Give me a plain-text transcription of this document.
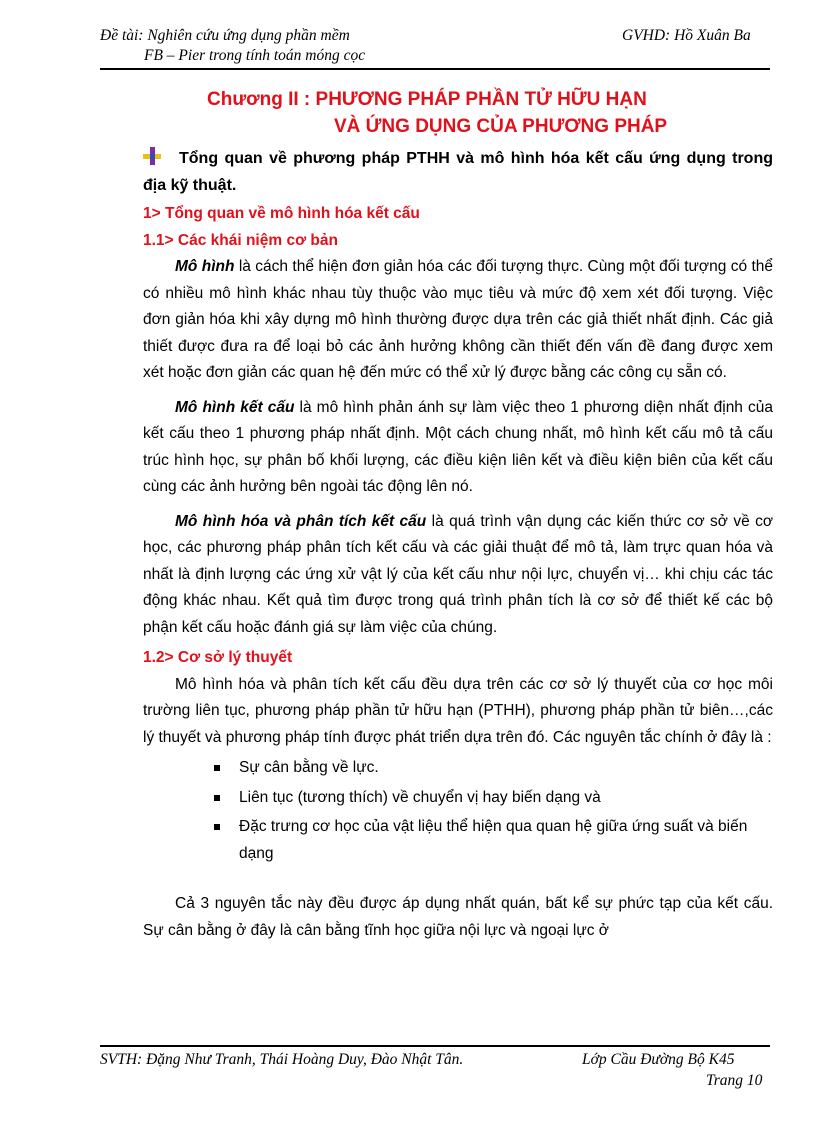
Đề tài: Nghiên cứu ứng dụng phần mềm
FB – Pier trong tính toán móng cọc
GVHD: Hồ Xuân Ba
Chương II : PHƯƠNG PHÁP PHẦN TỬ HỮU HẠN
VÀ ỨNG DỤNG CỦA PHƯƠNG PHÁP

Tổng quan về phương pháp PTHH và mô hình hóa kết cấu ứng dụng trong địa kỹ thuật.

1> Tổng quan về mô hình hóa kết cấu

1.1> Các khái niệm cơ bản

Mô hình là cách thể hiện đơn giản hóa các đối tượng thực. Cùng một đối tượng có thể có nhiều mô hình khác nhau tùy thuộc vào mục tiêu và mức độ xem xét đối tượng. Việc đơn giản hóa khi xây dựng mô hình thường được dựa trên các giả thiết nhất định. Các giả thiết được đưa ra để loại bỏ các ảnh hưởng không cần thiết đến vấn đề đang được xem xét hoặc đơn giản các quan hệ đến mức có thể xử lý được bằng các công cụ sẵn có.

Mô hình kết cấu là mô hình phản ánh sự làm việc theo 1 phương diện nhất định của kết cấu theo 1 phương pháp nhất định. Một cách chung nhất, mô hình kết cấu mô tả cấu trúc hình học, sự phân bố khối lượng, các điều kiện liên kết và điều kiện biên của kết cấu cùng các ảnh hưởng bên ngoài tác động lên nó.

Mô hình hóa và phân tích kết cấu là quá trình vận dụng các kiến thức cơ sở về cơ học, các phương pháp phân tích kết cấu và các giải thuật để mô tả, làm trực quan hóa và nhất là định lượng các ứng xử vật lý của kết cấu như nội lực, chuyển vị… khi chịu các tác động khác nhau. Kết quả tìm được trong quá trình phân tích là cơ sở để thiết kế các bộ phận kết cấu hoặc đánh giá sự làm việc của chúng.

1.2> Cơ sở lý thuyết

Mô hình hóa và phân tích kết cấu đều dựa trên các cơ sở lý thuyết của cơ học môi trường liên tục, phương pháp phần tử hữu hạn (PTHH), phương pháp phần tử biên…,các lý thuyết và phương pháp tính được phát triển dựa trên đó. Các nguyên tắc chính ở đây là :

Sự cân bằng về lực.
Liên tục (tương thích) về chuyển vị hay biến dạng và
Đặc trưng cơ học của vật liệu thể hiện qua quan hệ giữa ứng suất và biến dạng

Cả 3 nguyên tắc này đều được áp dụng nhất quán, bất kể sự phức tạp của kết cấu. Sự cân bằng ở đây là cân bằng tĩnh học giữa nội lực và ngoại lực ở

SVTH: Đặng Như Tranh, Thái Hoàng Duy, Đào Nhật Tân.	Lớp Cầu Đường Bộ K45
Trang 10
